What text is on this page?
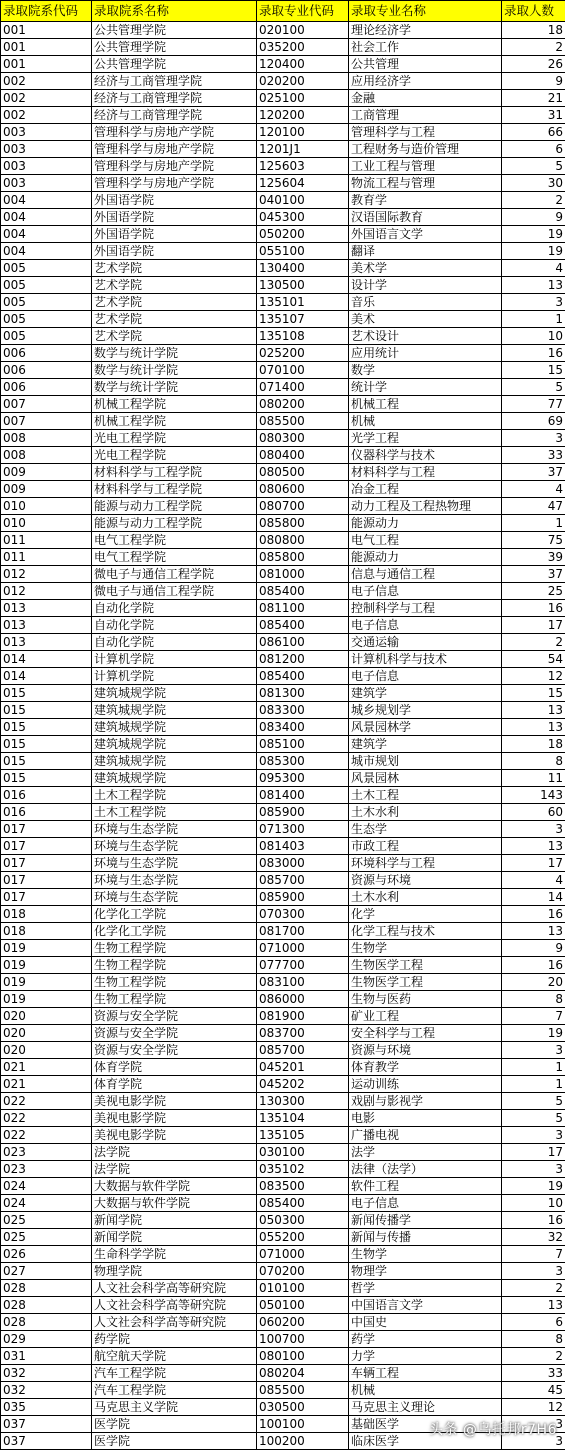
录取院系代码	录取院系名称	录取专业代码	录取专业名称	录取人数
001	公共管理学院	020100	理论经济学	18
001	公共管理学院	035200	社会工作	2
001	公共管理学院	120400	公共管理	26
002	经济与工商管理学院	020200	应用经济学	9
002	经济与工商管理学院	025100	金融	21
002	经济与工商管理学院	120200	工商管理	31
003	管理科学与房地产学院	120100	管理科学与工程	66
003	管理科学与房地产学院	1201J1	工程财务与造价管理	6
003	管理科学与房地产学院	125603	工业工程与管理	5
003	管理科学与房地产学院	125604	物流工程与管理	30
004	外国语学院	040100	教育学	2
004	外国语学院	045300	汉语国际教育	9
004	外国语学院	050200	外国语言文学	19
004	外国语学院	055100	翻译	19
005	艺术学院	130400	美术学	4
005	艺术学院	130500	设计学	13
005	艺术学院	135101	音乐	3
005	艺术学院	135107	美术	1
005	艺术学院	135108	艺术设计	10
006	数学与统计学院	025200	应用统计	16
006	数学与统计学院	070100	数学	15
006	数学与统计学院	071400	统计学	5
007	机械工程学院	080200	机械工程	77
007	机械工程学院	085500	机械	69
008	光电工程学院	080300	光学工程	3
008	光电工程学院	080400	仪器科学与技术	33
009	材料科学与工程学院	080500	材料科学与工程	37
009	材料科学与工程学院	080600	冶金工程	4
010	能源与动力工程学院	080700	动力工程及工程热物理	47
010	能源与动力工程学院	085800	能源动力	1
011	电气工程学院	080800	电气工程	75
011	电气工程学院	085800	能源动力	39
012	微电子与通信工程学院	081000	信息与通信工程	37
012	微电子与通信工程学院	085400	电子信息	25
013	自动化学院	081100	控制科学与工程	16
013	自动化学院	085400	电子信息	17
013	自动化学院	086100	交通运输	2
014	计算机学院	081200	计算机科学与技术	54
014	计算机学院	085400	电子信息	12
015	建筑城规学院	081300	建筑学	15
015	建筑城规学院	083300	城乡规划学	13
015	建筑城规学院	083400	风景园林学	13
015	建筑城规学院	085100	建筑学	18
015	建筑城规学院	085300	城市规划	8
015	建筑城规学院	095300	风景园林	11
016	土木工程学院	081400	土木工程	143
016	土木工程学院	085900	土木水利	60
017	环境与生态学院	071300	生态学	3
017	环境与生态学院	081403	市政工程	13
017	环境与生态学院	083000	环境科学与工程	17
017	环境与生态学院	085700	资源与环境	4
017	环境与生态学院	085900	土木水利	14
018	化学化工学院	070300	化学	16
018	化学化工学院	081700	化学工程与技术	13
019	生物工程学院	071000	生物学	9
019	生物工程学院	077700	生物医学工程	16
019	生物工程学院	083100	生物医学工程	20
019	生物工程学院	086000	生物与医药	8
020	资源与安全学院	081900	矿业工程	7
020	资源与安全学院	083700	安全科学与工程	19
020	资源与安全学院	085700	资源与环境	3
021	体育学院	045201	体育教学	1
021	体育学院	045202	运动训练	1
022	美视电影学院	130300	戏剧与影视学	5
022	美视电影学院	135104	电影	5
022	美视电影学院	135105	广播电视	3
023	法学院	030100	法学	17
023	法学院	035102	法律（法学）	3
024	大数据与软件学院	083500	软件工程	19
024	大数据与软件学院	085400	电子信息	10
025	新闻学院	050300	新闻传播学	16
025	新闻学院	055200	新闻与传播	32
026	生命科学学院	071000	生物学	7
027	物理学院	070200	物理学	3
028	人文社会科学高等研究院	010100	哲学	2
028	人文社会科学高等研究院	050100	中国语言文学	13
028	人文社会科学高等研究院	060200	中国史	6
029	药学院	100700	药学	8
031	航空航天学院	080100	力学	2
032	汽车工程学院	080204	车辆工程	33
032	汽车工程学院	085500	机械	45
035	马克思主义学院	030500	马克思主义理论	12
037	医学院	100100	基础医学	3
037	医学院	100200	临床医学	3
头条 @乌托邦r7H6
